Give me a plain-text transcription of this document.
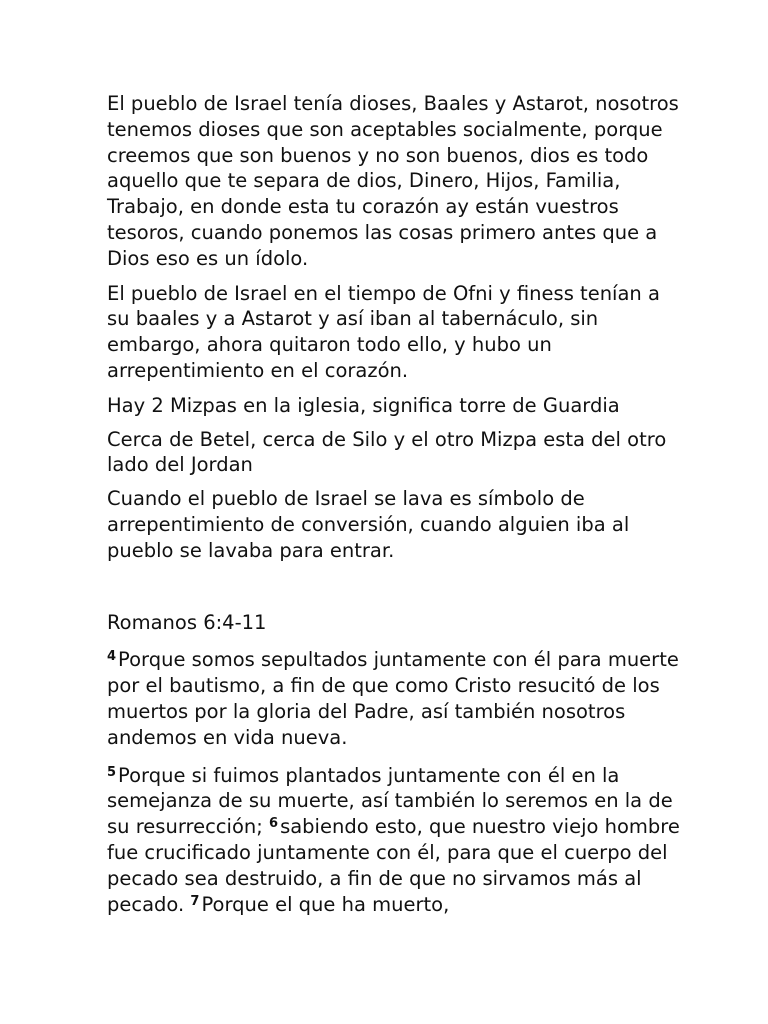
El pueblo de Israel tenía dioses, Baales y Astarot, nosotros tenemos dioses que son aceptables socialmente, porque creemos que son buenos y no son buenos, dios es todo aquello que te separa de dios, Dinero, Hijos, Familia, Trabajo, en donde esta tu corazón ay están vuestros tesoros, cuando ponemos las cosas primero antes que a Dios eso es un ídolo.

El pueblo de Israel en el tiempo de Ofni y finess tenían a su baales y a Astarot y así iban al tabernáculo, sin embargo, ahora quitaron todo ello, y hubo un arrepentimiento en el corazón.

Hay 2 Mizpas en la iglesia, significa torre de Guardia

Cerca de Betel, cerca de Silo y el otro Mizpa esta del otro lado del Jordan

Cuando el pueblo de Israel se lava es símbolo de arrepentimiento de conversión, cuando alguien iba al pueblo se lavaba para entrar.

Romanos 6:4-11

$^4$ Porque somos sepultados juntamente con él para muerte por el bautismo, a fin de que como Cristo resucitó de los muertos por la gloria del Padre, así también nosotros andemos en vida nueva.

$^5$ Porque si fuimos plantados juntamente con él en la semejanza de su muerte, así también lo seremos en la de su resurrección; $^6$ sabiendo esto, que nuestro viejo hombre fue crucificado juntamente con él, para que el cuerpo del pecado sea destruido, a fin de que no sirvamos más al pecado. $^7$ Porque el que ha muerto,
